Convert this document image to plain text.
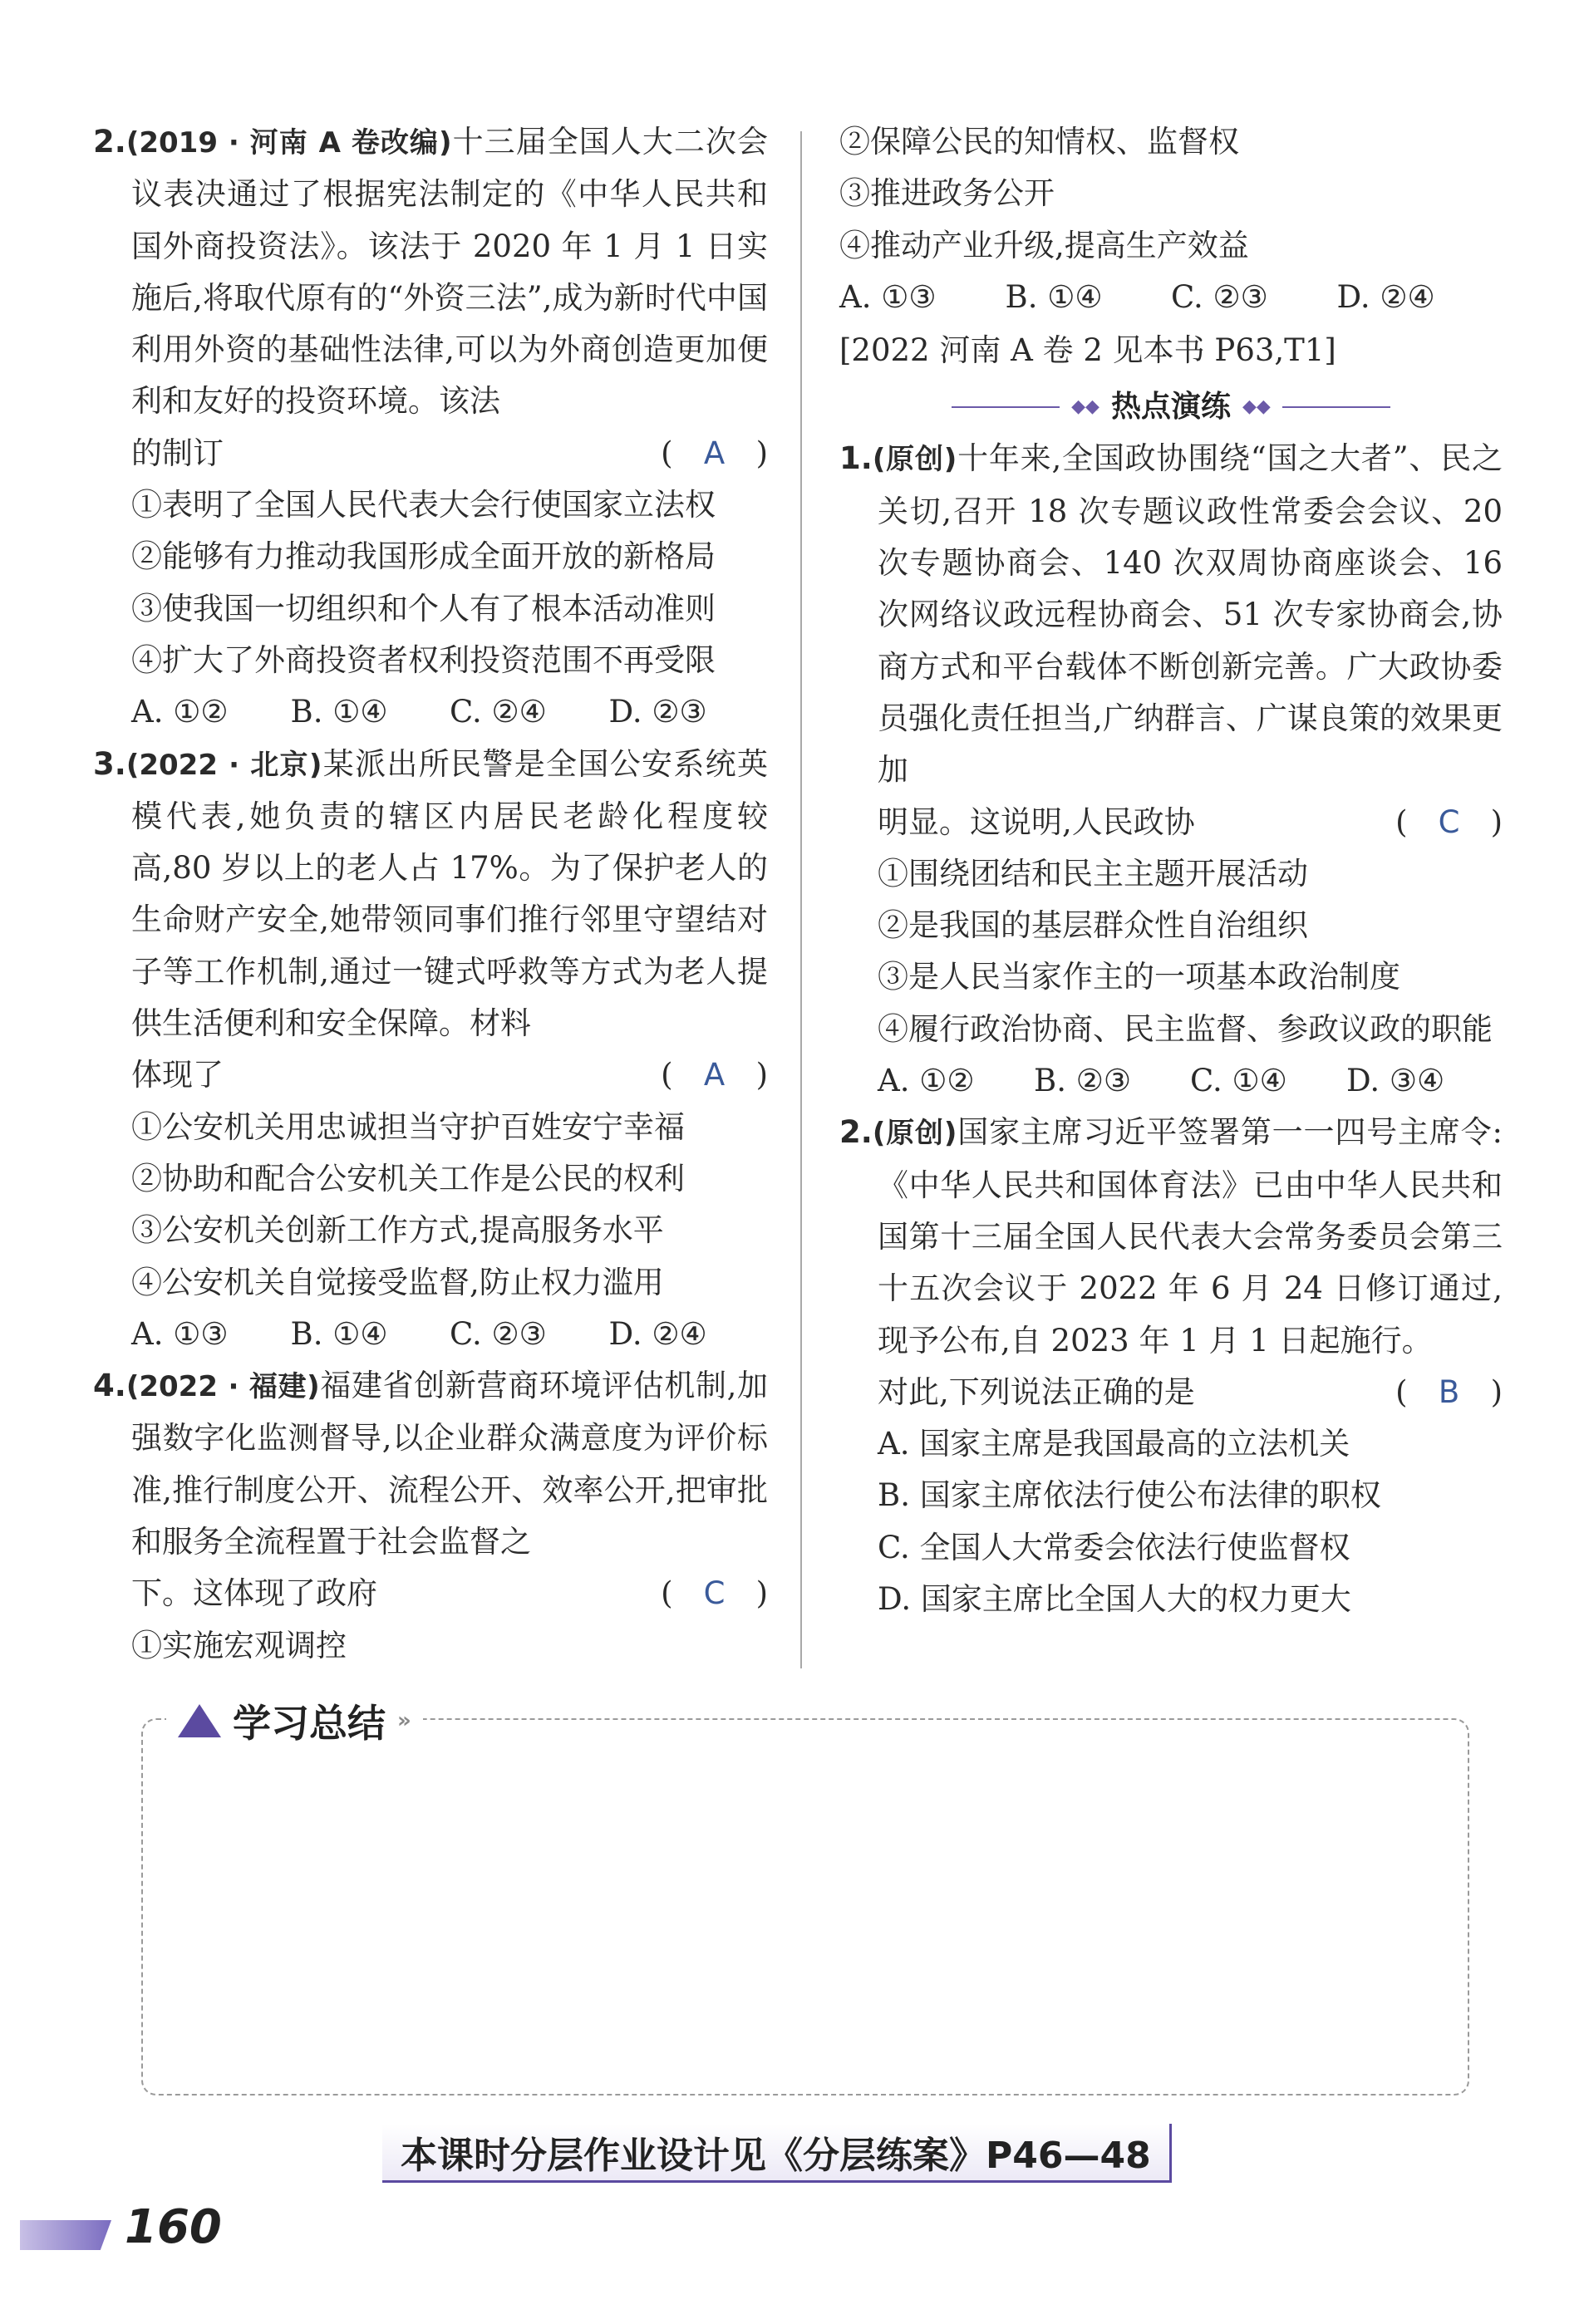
2.(2019 · 河南 A 卷改编)十三届全国人大二次会议表决通过了根据宪法制定的《中华人民共和国外商投资法》。该法于 2020 年 1 月 1 日实施后,将取代原有的“外资三法”,成为新时代中国利用外资的基础性法律,可以为外商创造更加便利和友好的投资环境。该法
的制订	( A )
①表明了全国人民代表大会行使国家立法权
②能够有力推动我国形成全面开放的新格局
③使我国一切组织和个人有了根本活动准则
④扩大了外商投资者权利投资范围不再受限
A. ①②	B. ①④	C. ②④	D. ②③
3.(2022 · 北京)某派出所民警是全国公安系统英模代表,她负责的辖区内居民老龄化程度较高,80 岁以上的老人占 17%。为了保护老人的生命财产安全,她带领同事们推行邻里守望结对子等工作机制,通过一键式呼救等方式为老人提供生活便利和安全保障。材料
体现了	( A )
①公安机关用忠诚担当守护百姓安宁幸福
②协助和配合公安机关工作是公民的权利
③公安机关创新工作方式,提高服务水平
④公安机关自觉接受监督,防止权力滥用
A. ①③	B. ①④	C. ②③	D. ②④
4.(2022 · 福建)福建省创新营商环境评估机制,加强数字化监测督导,以企业群众满意度为评价标准,推行制度公开、流程公开、效率公开,把审批和服务全流程置于社会监督之
下。这体现了政府	( C )
①实施宏观调控
②保障公民的知情权、监督权
③推进政务公开
④推动产业升级,提高生产效益
A. ①③	B. ①④	C. ②③	D. ②④
[2022 河南 A 卷 2 见本书 P63,T1]
◆◆ 热点演练 ◆◆
1.(原创)十年来,全国政协围绕“国之大者”、民之关切,召开 18 次专题议政性常委会会议、20 次专题协商会、140 次双周协商座谈会、16 次网络议政远程协商会、51 次专家协商会,协商方式和平台载体不断创新完善。广大政协委员强化责任担当,广纳群言、广谋良策的效果更加
明显。这说明,人民政协	( C )
①围绕团结和民主主题开展活动
②是我国的基层群众性自治组织
③是人民当家作主的一项基本政治制度
④履行政治协商、民主监督、参政议政的职能
A. ①②	B. ②③	C. ①④	D. ③④
2.(原创)国家主席习近平签署第一一四号主席令:《中华人民共和国体育法》已由中华人民共和国第十三届全国人民代表大会常务委员会第三十五次会议于 2022 年 6 月 24 日修订通过,现予公布,自 2023 年 1 月 1 日起施行。
对此,下列说法正确的是	( B )
A. 国家主席是我国最高的立法机关
B. 国家主席依法行使公布法律的职权
C. 全国人大常委会依法行使监督权
D. 国家主席比全国人大的权力更大
学习总结 »
本课时分层作业设计见《分层练案》P46—48
160
